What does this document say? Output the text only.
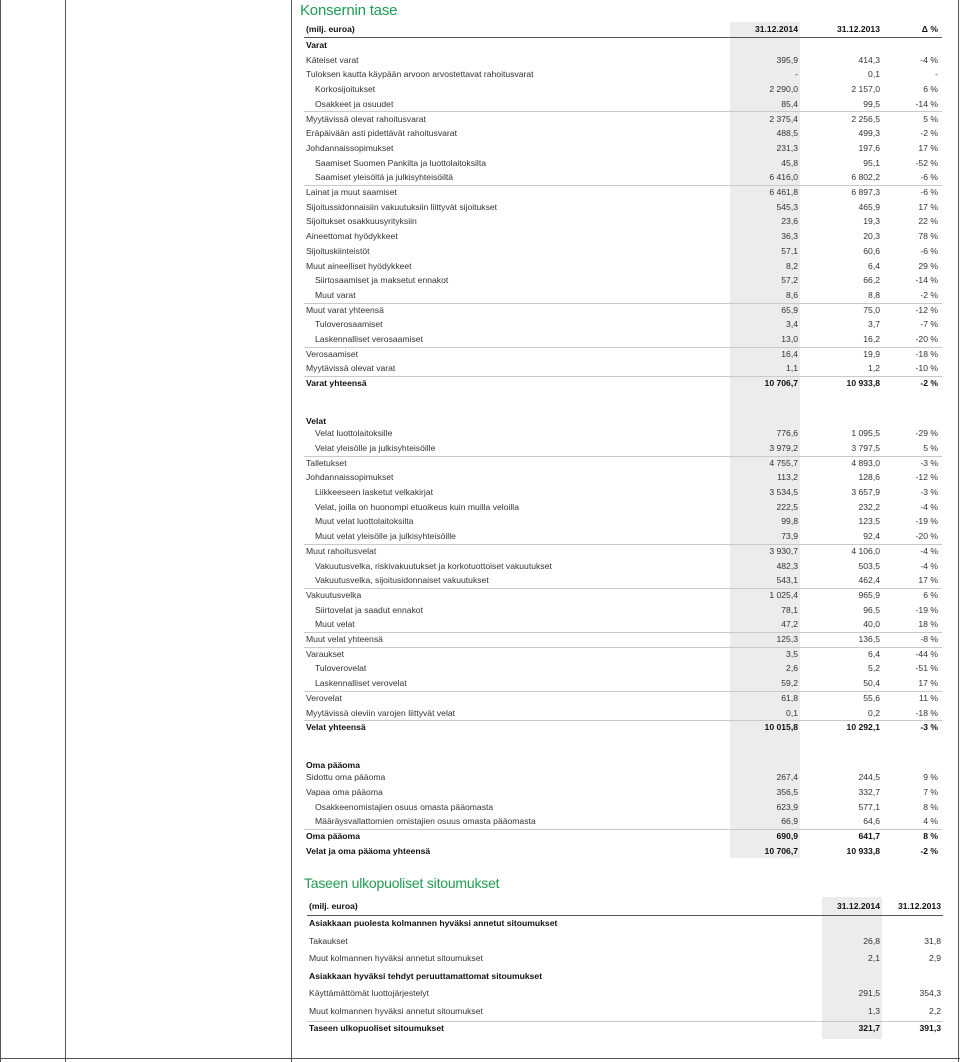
Konsernin tase
(milj. euroa)	31.12.2014	31.12.2013	Δ %
Varat
Käteiset varat	395,9	414,3	-4 %
Tuloksen kautta käypään arvoon arvostettavat rahoitusvarat	-	0,1	-
Korkosijoitukset	2 290,0	2 157,0	6 %
Osakkeet ja osuudet	85,4	99,5	-14 %
Myytävissä olevat rahoitusvarat	2 375,4	2 256,5	5 %
Eräpäivään asti pidettävät rahoitusvarat	488,5	499,3	-2 %
Johdannaissopimukset	231,3	197,6	17 %
Saamiset Suomen Pankilta ja luottolaitoksilta	45,8	95,1	-52 %
Saamiset yleisöltä ja julkisyhteisöiltä	6 416,0	6 802,2	-6 %
Lainat ja muut saamiset	6 461,8	6 897,3	-6 %
Sijoitussidonnaisiin vakuutuksiin liittyvät sijoitukset	545,3	465,9	17 %
Sijoitukset osakkuusyrityksiin	23,6	19,3	22 %
Aineettomat hyödykkeet	36,3	20,3	78 %
Sijoituskiinteistöt	57,1	60,6	-6 %
Muut aineelliset hyödykkeet	8,2	6,4	29 %
Siirtosaamiset ja maksetut ennakot	57,2	66,2	-14 %
Muut varat	8,6	8,8	-2 %
Muut varat yhteensä	65,9	75,0	-12 %
Tuloverosaamiset	3,4	3,7	-7 %
Laskennalliset verosaamiset	13,0	16,2	-20 %
Verosaamiset	16,4	19,9	-18 %
Myytävissä olevat varat	1,1	1,2	-10 %
Varat yhteensä	10 706,7	10 933,8	-2 %
Velat
Velat luottolaitoksille	776,6	1 095,5	-29 %
Velat yleisölle ja julkisyhteisöille	3 979,2	3 797,5	5 %
Talletukset	4 755,7	4 893,0	-3 %
Johdannaissopimukset	113,2	128,6	-12 %
Liikkeeseen lasketut velkakirjat	3 534,5	3 657,9	-3 %
Velat, joilla on huonompi etuoikeus kuin muilla veloilla	222,5	232,2	-4 %
Muut velat luottolaitoksilta	99,8	123,5	-19 %
Muut velat yleisölle ja julkisyhteisöille	73,9	92,4	-20 %
Muut rahoitusvelat	3 930,7	4 106,0	-4 %
Vakuutusvelka, riskivakuutukset ja korkotuottoiset vakuutukset	482,3	503,5	-4 %
Vakuutusvelka, sijoitusidonnaiset vakuutukset	543,1	462,4	17 %
Vakuutusvelka	1 025,4	965,9	6 %
Siirtovelat ja saadut ennakot	78,1	96,5	-19 %
Muut velat	47,2	40,0	18 %
Muut velat yhteensä	125,3	136,5	-8 %
Varaukset	3,5	6,4	-44 %
Tuloverovelat	2,6	5,2	-51 %
Laskennalliset verovelat	59,2	50,4	17 %
Verovelat	61,8	55,6	11 %
Myytävissä oleviin varojen liittyvät velat	0,1	0,2	-18 %
Velat yhteensä	10 015,8	10 292,1	-3 %
Oma pääoma
Sidottu oma pääoma	267,4	244,5	9 %
Vapaa oma pääoma	356,5	332,7	7 %
Osakkeenomistajien osuus omasta pääomasta	623,9	577,1	8 %
Määräysvallattomien omistajien osuus omasta pääomasta	66,9	64,6	4 %
Oma pääoma	690,9	641,7	8 %
Velat ja oma pääoma yhteensä	10 706,7	10 933,8	-2 %
Taseen ulkopuoliset sitoumukset
(milj. euroa)	31.12.2014	31.12.2013
Asiakkaan puolesta kolmannen hyväksi annetut sitoumukset
Takaukset	26,8	31,8
Muut kolmannen hyväksi annetut sitoumukset	2,1	2,9
Asiakkaan hyväksi tehdyt peruuttamattomat sitoumukset
Käyttämättömät luottojärjestelyt	291,5	354,3
Muut kolmannen hyväksi annetut sitoumukset	1,3	2,2
Taseen ulkopuoliset sitoumukset	321,7	391,3
